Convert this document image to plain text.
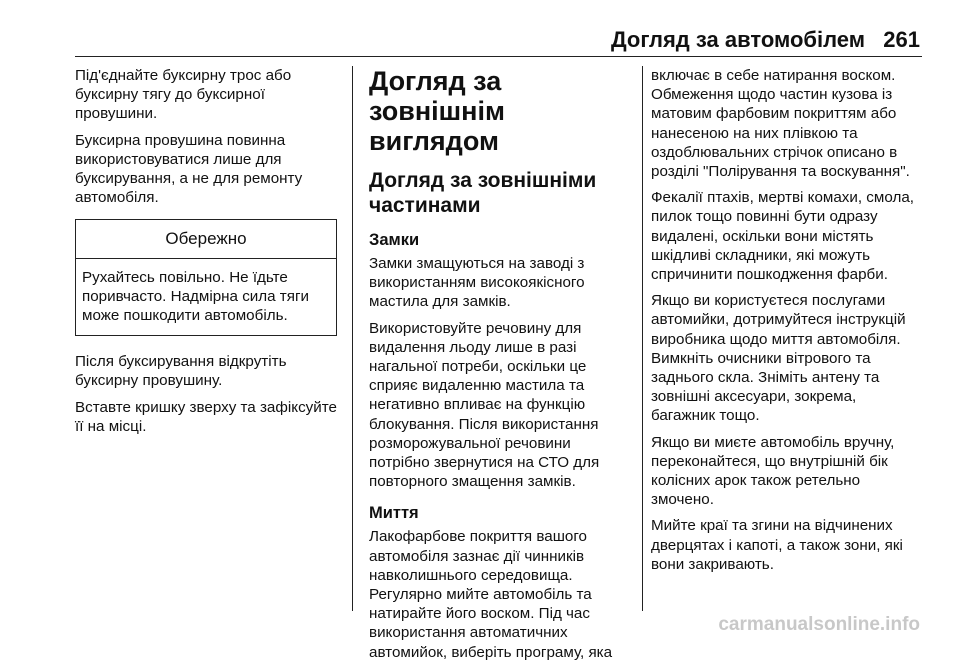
Догляд за автомобілем 261

Під'єднайте буксирну трос або буксирну тягу до буксирної провушини.

Буксирна провушина повинна використовуватися лише для буксирування, а не для ремонту автомобіля.

Обережно
Рухайтесь повільно. Не їдьте поривчасто. Надмірна сила тяги може пошкодити автомобіль.

Після буксирування відкрутіть буксирну провушину.

Вставте кришку зверху та зафіксуйте її на місці.

Догляд за зовнішнім виглядом
Догляд за зовнішніми частинами
Замки

Замки змащуються на заводі з використанням високоякісного мастила для замків.

Використовуйте речовину для видалення льоду лише в разі нагальної потреби, оскільки це сприяє видаленню мастила та негативно впливає на функцію блокування. Після використання розморожувальної речовини потрібно звернутися на СТО для повторного змащення замків.

Миття

Лакофарбове покриття вашого автомобіля зазнає дії чинників навколишнього середовища. Регулярно мийте автомобіль та натирайте його воском. Під час використання автоматичних автомийок, виберіть програму, яка

включає в себе натирання воском. Обмеження щодо частин кузова із матовим фарбовим покриттям або нанесеною на них плівкою та оздоблювальних стрічок описано в розділі "Полірування та воскування".

Фекалії птахів, мертві комахи, смола, пилок тощо повинні бути одразу видалені, оскільки вони містять шкідливі складники, які можуть спричинити пошкодження фарби.

Якщо ви користуєтеся послугами автомийки, дотримуйтеся інструкцій виробника щодо миття автомобіля. Вимкніть очисники вітрового та заднього скла. Зніміть антену та зовнішні аксесуари, зокрема, багажник тощо.

Якщо ви миєте автомобіль вручну, переконайтеся, що внутрішній бік колісних арок також ретельно змочено.

Мийте краї та згини на відчинених дверцятах і капоті, а також зони, які вони закривають.

carmanualsonline.info
